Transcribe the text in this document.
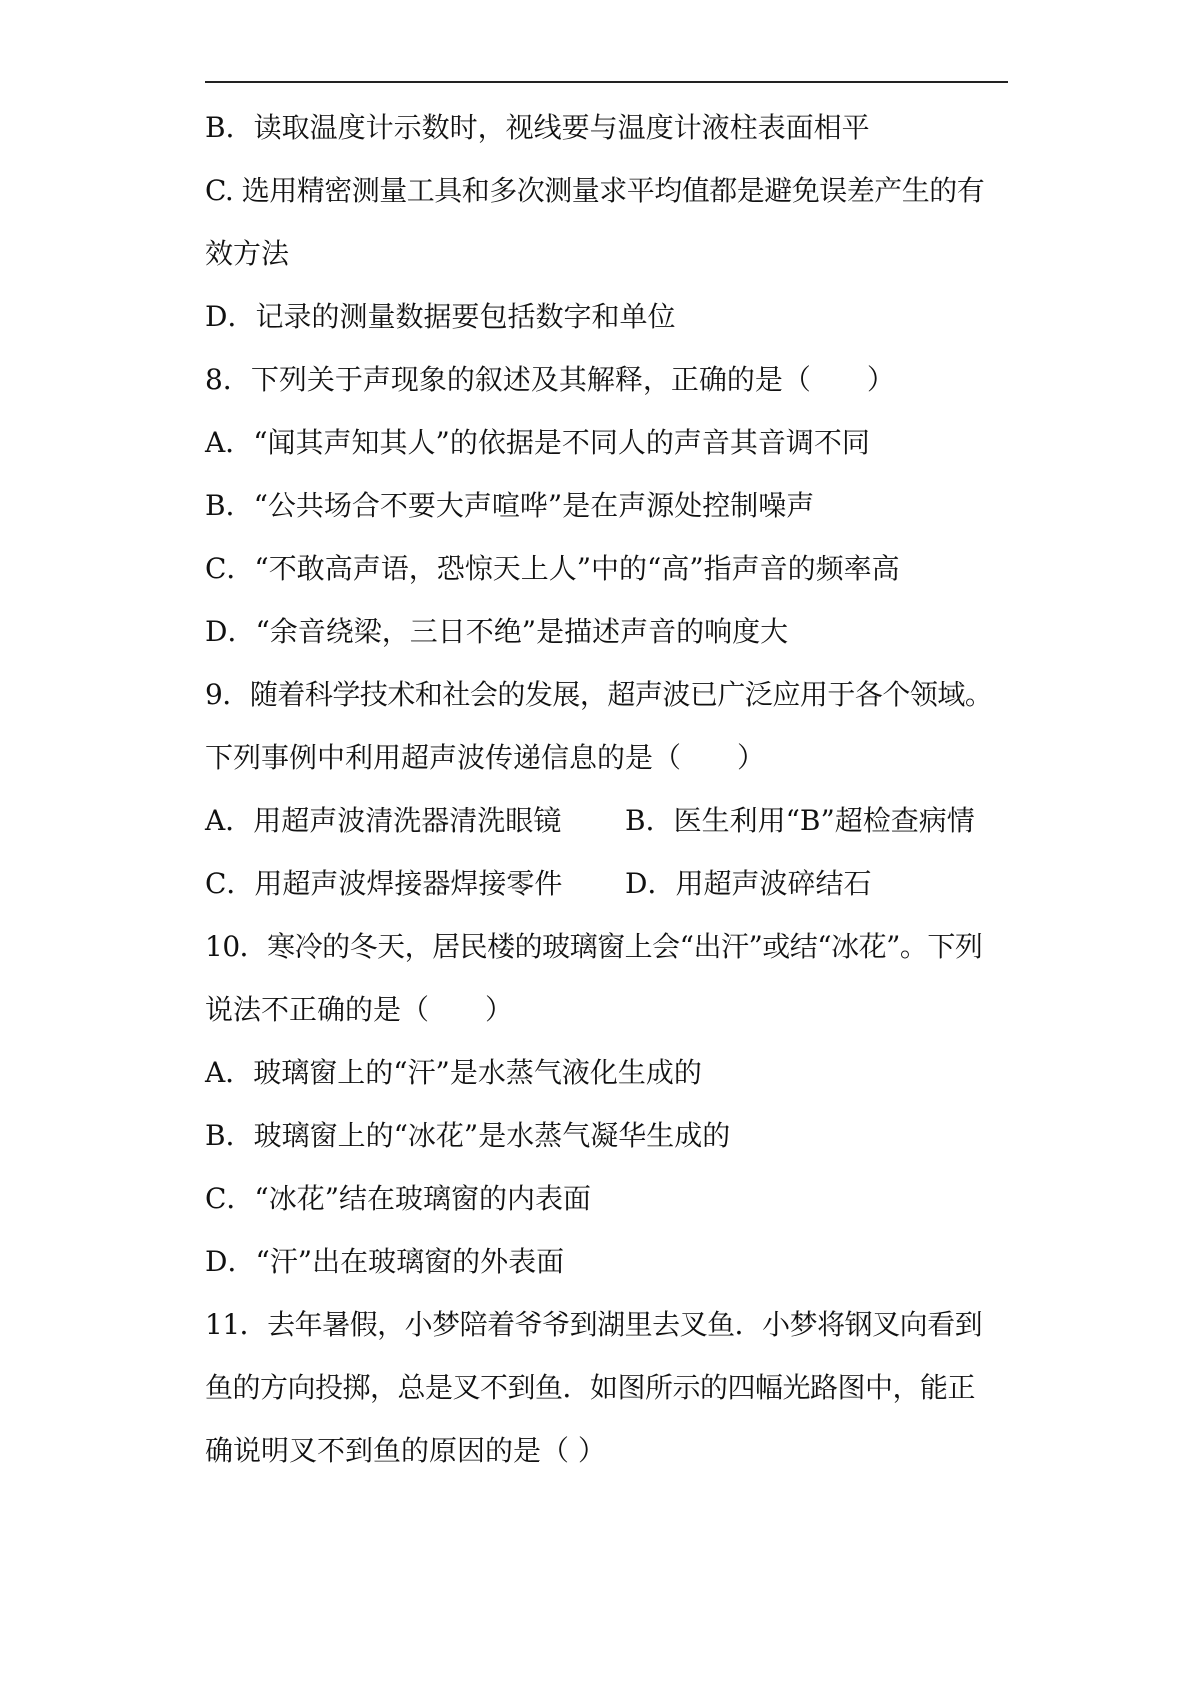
B．读取温度计示数时，视线要与温度计液柱表面相平
C. 选用精密测量工具和多次测量求平均值都是避免误差产生的有
效方法
D．记录的测量数据要包括数字和单位
8．下列关于声现象的叙述及其解释，正确的是（　　）
A．“闻其声知其人”的依据是不同人的声音其音调不同
B．“公共场合不要大声喧哗”是在声源处控制噪声
C．“不敢高声语，恐惊天上人”中的“高”指声音的频率高
D．“余音绕梁，三日不绝”是描述声音的响度大
9．随着科学技术和社会的发展，超声波已广泛应用于各个领域。
下列事例中利用超声波传递信息的是（　　）
A．用超声波清洗器清洗眼镜	B．医生利用“B”超检查病情
C．用超声波焊接器焊接零件	D．用超声波碎结石
10．寒冷的冬天，居民楼的玻璃窗上会“出汗”或结“冰花”。下列
说法不正确的是（　　）
A．玻璃窗上的“汗”是水蒸气液化生成的
B．玻璃窗上的“冰花”是水蒸气凝华生成的
C．“冰花”结在玻璃窗的内表面
D．“汗”出在玻璃窗的外表面
11．去年暑假，小梦陪着爷爷到湖里去叉鱼．小梦将钢叉向看到
鱼的方向投掷，总是叉不到鱼．如图所示的四幅光路图中，能正
确说明叉不到鱼的原因的是（ ）
